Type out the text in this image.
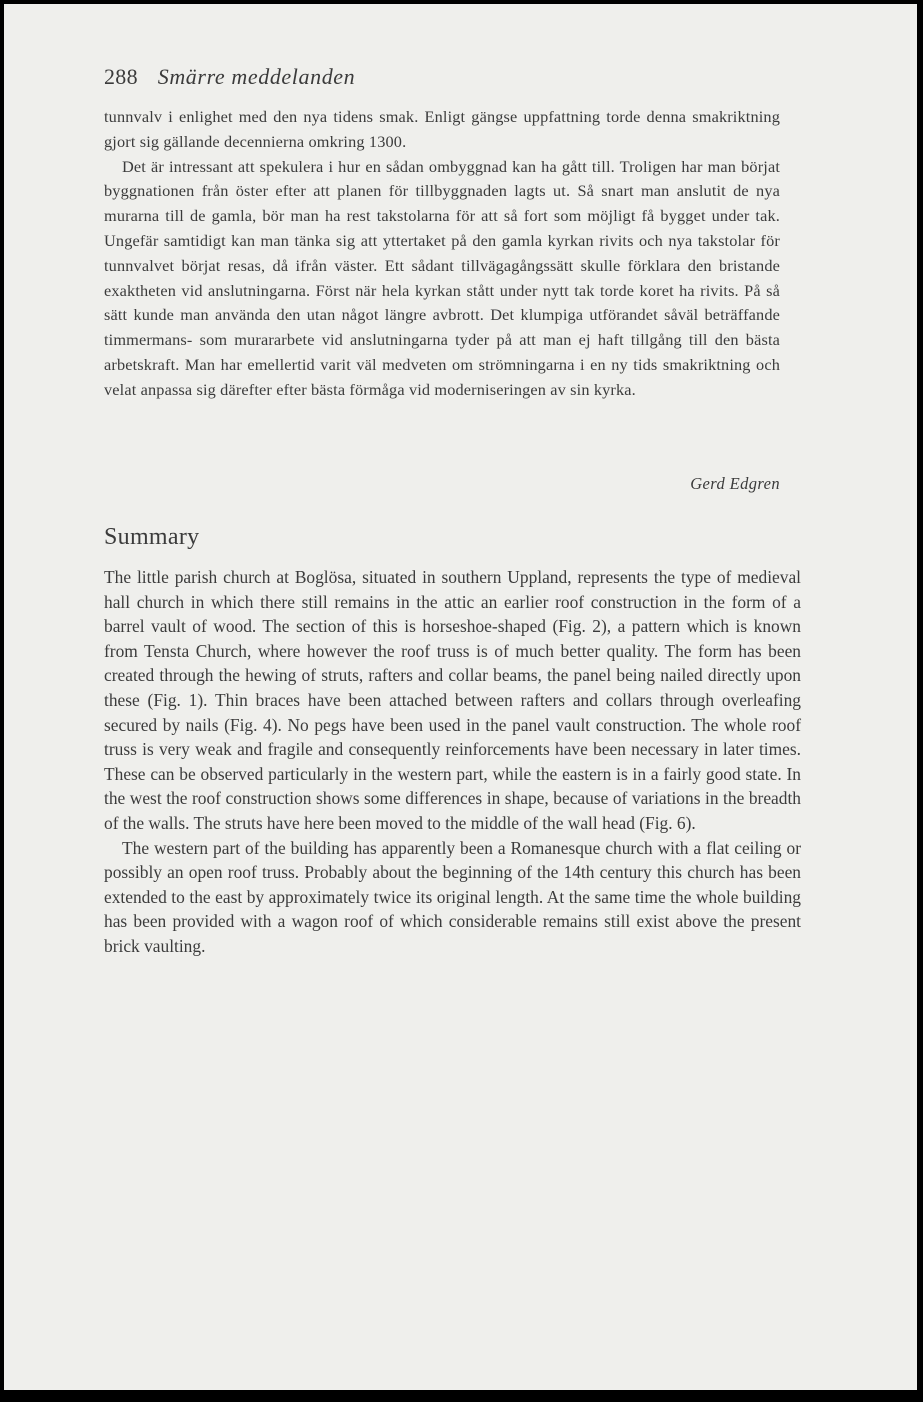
288 Smärre meddelanden

tunnvalv i enlighet med den nya tidens smak. Enligt gängse uppfattning torde denna smakriktning gjort sig gällande decennierna omkring 1300.

Det är intressant att spekulera i hur en sådan ombyggnad kan ha gått till. Troligen har man börjat byggnationen från öster efter att planen för tillbyggnaden lagts ut. Så snart man anslutit de nya murarna till de gamla, bör man ha rest takstolarna för att så fort som möjligt få bygget under tak. Ungefär samtidigt kan man tänka sig att yttertaket på den gamla kyrkan rivits och nya takstolar för tunnvalvet börjat resas, då ifrån väster. Ett sådant tillvägagångssätt skulle förklara den bristande exaktheten vid anslutningarna. Först när hela kyrkan stått under nytt tak torde koret ha rivits. På så sätt kunde man använda den utan något längre avbrott. Det klumpiga utförandet såväl beträffande timmermans- som murararbete vid anslutningarna tyder på att man ej haft tillgång till den bästa arbetskraft. Man har emellertid varit väl medveten om strömningarna i en ny tids smakriktning och velat anpassa sig därefter efter bästa förmåga vid moderniseringen av sin kyrka.

Gerd Edgren
Summary

The little parish church at Boglösa, situated in southern Uppland, represents the type of medieval hall church in which there still remains in the attic an earlier roof construction in the form of a barrel vault of wood. The section of this is horseshoe-shaped (Fig. 2), a pattern which is known from Tensta Church, where however the roof truss is of much better quality. The form has been created through the hewing of struts, rafters and collar beams, the panel being nailed directly upon these (Fig. 1). Thin braces have been attached between rafters and collars through overleafing secured by nails (Fig. 4). No pegs have been used in the panel vault construction. The whole roof truss is very weak and fragile and consequently reinforcements have been necessary in later times. These can be observed particularly in the western part, while the eastern is in a fairly good state. In the west the roof construction shows some differences in shape, because of variations in the breadth of the walls. The struts have here been moved to the middle of the wall head (Fig. 6).

The western part of the building has apparently been a Romanesque church with a flat ceiling or possibly an open roof truss. Probably about the beginning of the 14th century this church has been extended to the east by approximately twice its original length. At the same time the whole building has been provided with a wagon roof of which considerable remains still exist above the present brick vaulting.
